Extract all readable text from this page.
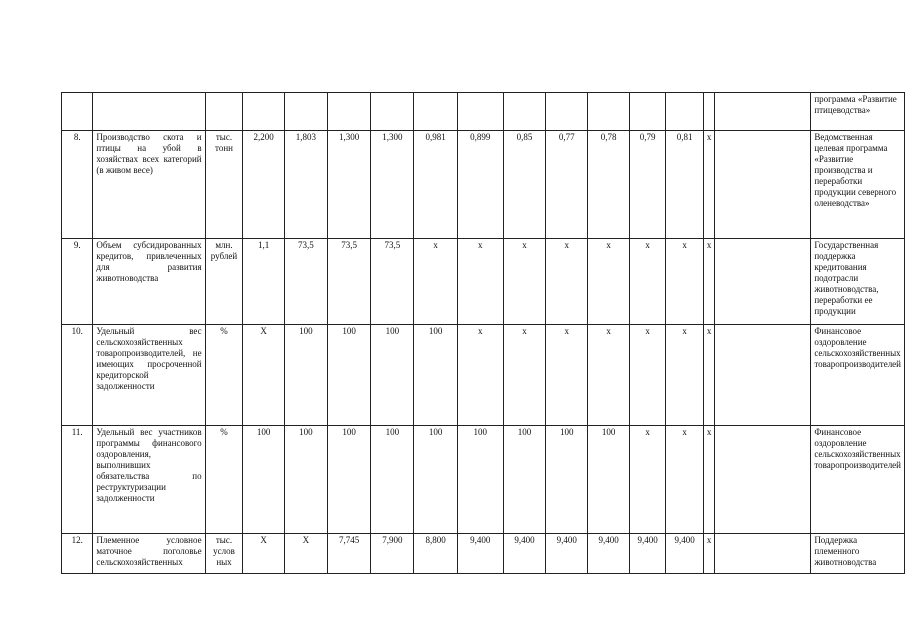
																программа «Развитие птицеводства»
8.	Производство скота и птицы на убой в хозяйствах всех категорий (в живом весе)	тыс. тонн	2,200	1,803	1,300	1,300	0,981	0,899	0,85	0,77	0,78	0,79	0,81	х		Ведомственная целевая программа «Развитие производства и переработки продукции северного оленеводства»
9.	Объем субсидированных кредитов, привлеченных для развития животноводства	млн. рублей	1,1	73,5	73,5	73,5	х	х	х	х	х	х	х	х		Государственная поддержка кредитования подотрасли животноводства, переработки ее продукции
10.	Удельный вес сельскохозяйственных товаропроизводителей, не имеющих просроченной кредиторской задолженности	%	Х	100	100	100	100	х	х	х	х	х	х	х		Финансовое оздоровление сельскохозяйственных товаропроизводителей
11.	Удельный вес участников программы финансового оздоровления, выполнивших обязательства по реструктуризации задолженности	%	100	100	100	100	100	100	100	100	100	х	х	х		Финансовое оздоровление сельскохозяйственных товаропроизводителей
12.	Племенное условное маточное поголовье сельскохозяйственных	тыс. услов ных	Х	Х	7,745	7,900	8,800	9,400	9,400	9,400	9,400	9,400	9,400	х		Поддержка племенного животноводства
